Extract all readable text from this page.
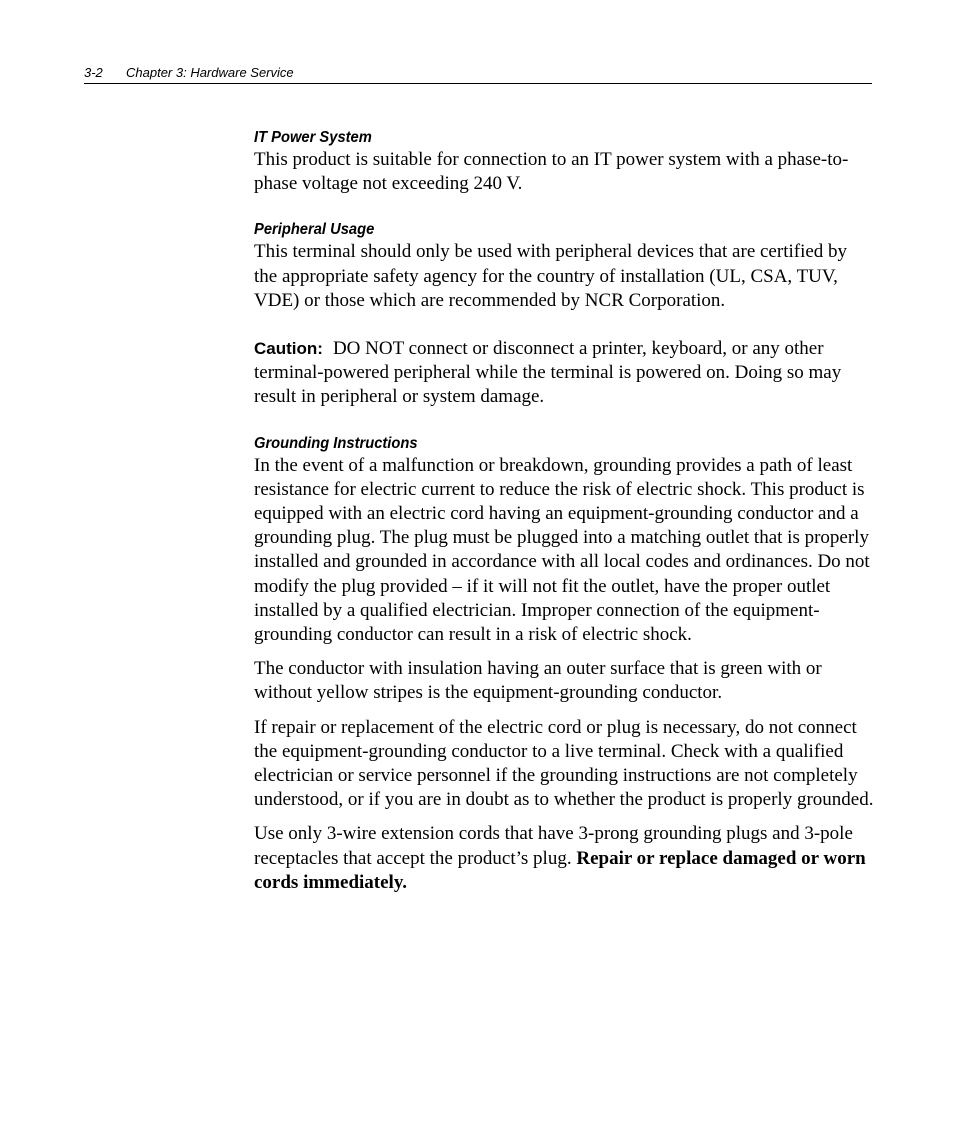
3-2 Chapter 3: Hardware Service

IT Power System

This product is suitable for connection to an IT power system with a phase-to-phase voltage not exceeding 240 V.

Peripheral Usage

This terminal should only be used with peripheral devices that are certified by the appropriate safety agency for the country of installation (UL, CSA, TUV, VDE) or those which are recommended by NCR Corporation.

Caution: DO NOT connect or disconnect a printer, keyboard, or any other terminal-powered peripheral while the terminal is powered on. Doing so may result in peripheral or system damage.

Grounding Instructions

In the event of a malfunction or breakdown, grounding provides a path of least resistance for electric current to reduce the risk of electric shock. This product is equipped with an electric cord having an equipment-grounding conductor and a grounding plug. The plug must be plugged into a matching outlet that is properly installed and grounded in accordance with all local codes and ordinances. Do not modify the plug provided – if it will not fit the outlet, have the proper outlet installed by a qualified electrician. Improper connection of the equipment-grounding conductor can result in a risk of electric shock.

The conductor with insulation having an outer surface that is green with or without yellow stripes is the equipment-grounding conductor.

If repair or replacement of the electric cord or plug is necessary, do not connect the equipment-grounding conductor to a live terminal. Check with a qualified electrician or service personnel if the grounding instructions are not completely understood, or if you are in doubt as to whether the product is properly grounded.

Use only 3-wire extension cords that have 3-prong grounding plugs and 3-pole receptacles that accept the product’s plug. Repair or replace damaged or worn cords immediately.
